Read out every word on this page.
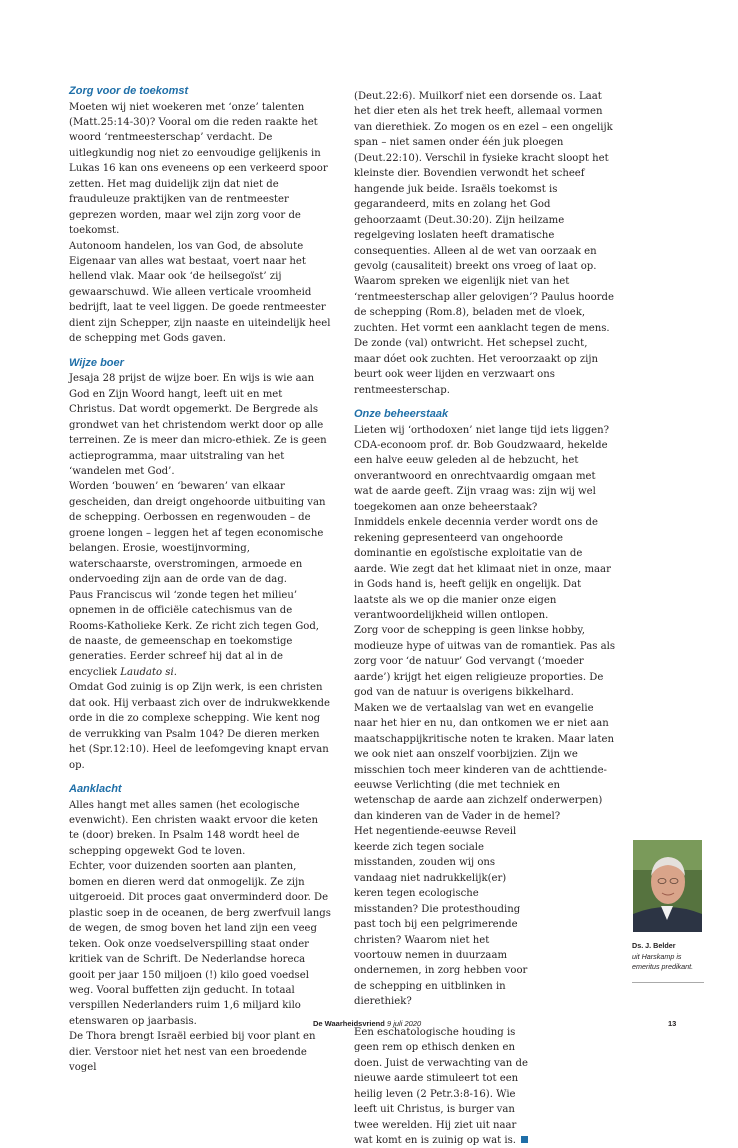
Zorg voor de toekomst

Moeten wij niet woekeren met ‘onze’ talenten (Matt.25:14-30)? Vooral om die reden raakte het woord ‘rentmeesterschap’ verdacht. De uitlegkundig nog niet zo eenvoudige gelijkenis in Lukas 16 kan ons eveneens op een verkeerd spoor zetten. Het mag duidelijk zijn dat niet de frauduleuze praktijken van de rentmeester geprezen worden, maar wel zijn zorg voor de toekomst.

Autonoom handelen, los van God, de absolute Eigenaar van alles wat bestaat, voert naar het hellend vlak. Maar ook ‘de heilsegoïst’ zij gewaarschuwd. Wie alleen verticale vroomheid bedrijft, laat te veel liggen. De goede rentmeester dient zijn Schepper, zijn naaste en uiteindelijk heel de schepping met Gods gaven.

Wijze boer

Jesaja 28 prijst de wijze boer. En wijs is wie aan God en Zijn Woord hangt, leeft uit en met Christus. Dat wordt opgemerkt. De Bergrede als grondwet van het christendom werkt door op alle terreinen. Ze is meer dan micro-ethiek. Ze is geen actieprogramma, maar uitstraling van het ‘wandelen met God’.

Worden ‘bouwen’ en ‘bewaren’ van elkaar gescheiden, dan dreigt ongehoorde uitbuiting van de schepping. Oerbossen en regenwouden – de groene longen – leggen het af tegen economische belangen. Erosie, woestijnvorming, waterschaarste, overstromingen, armoede en ondervoeding zijn aan de orde van de dag.

Paus Franciscus wil ‘zonde tegen het milieu’ opnemen in de officiële catechismus van de Rooms-Katholieke Kerk. Ze richt zich tegen God, de naaste, de gemeenschap en toekomstige generaties. Eerder schreef hij dat al in de encycliek Laudato si.

Omdat God zuinig is op Zijn werk, is een christen dat ook. Hij verbaast zich over de indrukwekkende orde in die zo complexe schepping. Wie kent nog de verrukking van Psalm 104? De dieren merken het (Spr.12:10). Heel de leefomgeving knapt ervan op.

Aanklacht

Alles hangt met alles samen (het ecologische evenwicht). Een christen waakt ervoor die keten te (door) breken. In Psalm 148 wordt heel de schepping opgewekt God te loven.

Echter, voor duizenden soorten aan planten, bomen en dieren werd dat onmogelijk. Ze zijn uitgeroeid. Dit proces gaat onverminderd door. De plastic soep in de oceanen, de berg zwerfvuil langs de wegen, de smog boven het land zijn een veeg teken. Ook onze voedselverspilling staat onder kritiek van de Schrift. De Nederlandse horeca gooit per jaar 150 miljoen (!) kilo goed voedsel weg. Vooral buffetten zijn geducht. In totaal verspillen Nederlanders ruim 1,6 miljard kilo etenswaren op jaarbasis.

De Thora brengt Israël eerbied bij voor plant en dier. Verstoor niet het nest van een broedende vogel

(Deut.22:6). Muilkorf niet een dorsende os. Laat het dier eten als het trek heeft, allemaal vormen van dierethiek. Zo mogen os en ezel – een ongelijk span – niet samen onder één juk ploegen (Deut.22:10). Verschil in fysieke kracht sloopt het kleinste dier. Bovendien verwondt het scheef hangende juk beide. Israëls toekomst is gegarandeerd, mits en zolang het God gehoorzaamt (Deut.30:20). Zijn heilzame regelgeving loslaten heeft dramatische consequenties. Alleen al de wet van oorzaak en gevolg (causaliteit) breekt ons vroeg of laat op.

Waarom spreken we eigenlijk niet van het ‘rentmeesterschap aller gelovigen’? Paulus hoorde de schepping (Rom.8), beladen met de vloek, zuchten. Het vormt een aanklacht tegen de mens. De zonde (val) ontwricht. Het schepsel zucht, maar dóet ook zuchten. Het veroorzaakt op zijn beurt ook weer lijden en verzwaart ons rentmeesterschap.

Onze beheerstaak

Lieten wij ‘orthodoxen’ niet lange tijd iets liggen? CDA-econoom prof. dr. Bob Goudzwaard, hekelde een halve eeuw geleden al de hebzucht, het onverantwoord en onrechtvaardig omgaan met wat de aarde geeft. Zijn vraag was: zijn wij wel toegekomen aan onze beheerstaak?

Inmiddels enkele decennia verder wordt ons de rekening gepresenteerd van ongehoorde dominantie en egoïstische exploitatie van de aarde. Wie zegt dat het klimaat niet in onze, maar in Gods hand is, heeft gelijk en ongelijk. Dat laatste als we op die manier onze eigen verantwoordelijkheid willen ontlopen.

Zorg voor de schepping is geen linkse hobby, modieuze hype of uitwas van de romantiek. Pas als zorg voor ‘de natuur’ God vervangt (‘moeder aarde’) krijgt het eigen religieuze proporties. De god van de natuur is overigens bikkelhard.

Maken we de vertaalslag van wet en evangelie naar het hier en nu, dan ontkomen we er niet aan maatschappijkritische noten te kraken. Maar laten we ook niet aan onszelf voorbijzien. Zijn we misschien toch meer kinderen van de achttiende-eeuwse Verlichting (die met techniek en wetenschap de aarde aan zichzelf onderwerpen) dan kinderen van de Vader in de hemel?

Het negentiende-eeuwse Reveil keerde zich tegen sociale misstanden, zouden wij ons vandaag niet nadrukkelijk(er) keren tegen ecologische misstanden? Die protesthouding past toch bij een pelgrimerende christen? Waarom niet het voortouw nemen in duurzaam ondernemen, in zorg hebben voor de schepping en uitblinken in dierethiek?

Een eschatologische houding is geen rem op ethisch denken en doen. Juist de verwachting van de nieuwe aarde stimuleert tot een heilig leven (2 Petr.3:8-16). Wie leeft uit Christus, is burger van twee werelden. Hij ziet uit naar wat komt en is zuinig op wat is.

Ds. J. Belder
uit Harskamp is emeritus predikant.
De Waarheidsvriend 9 juli 2020	13
